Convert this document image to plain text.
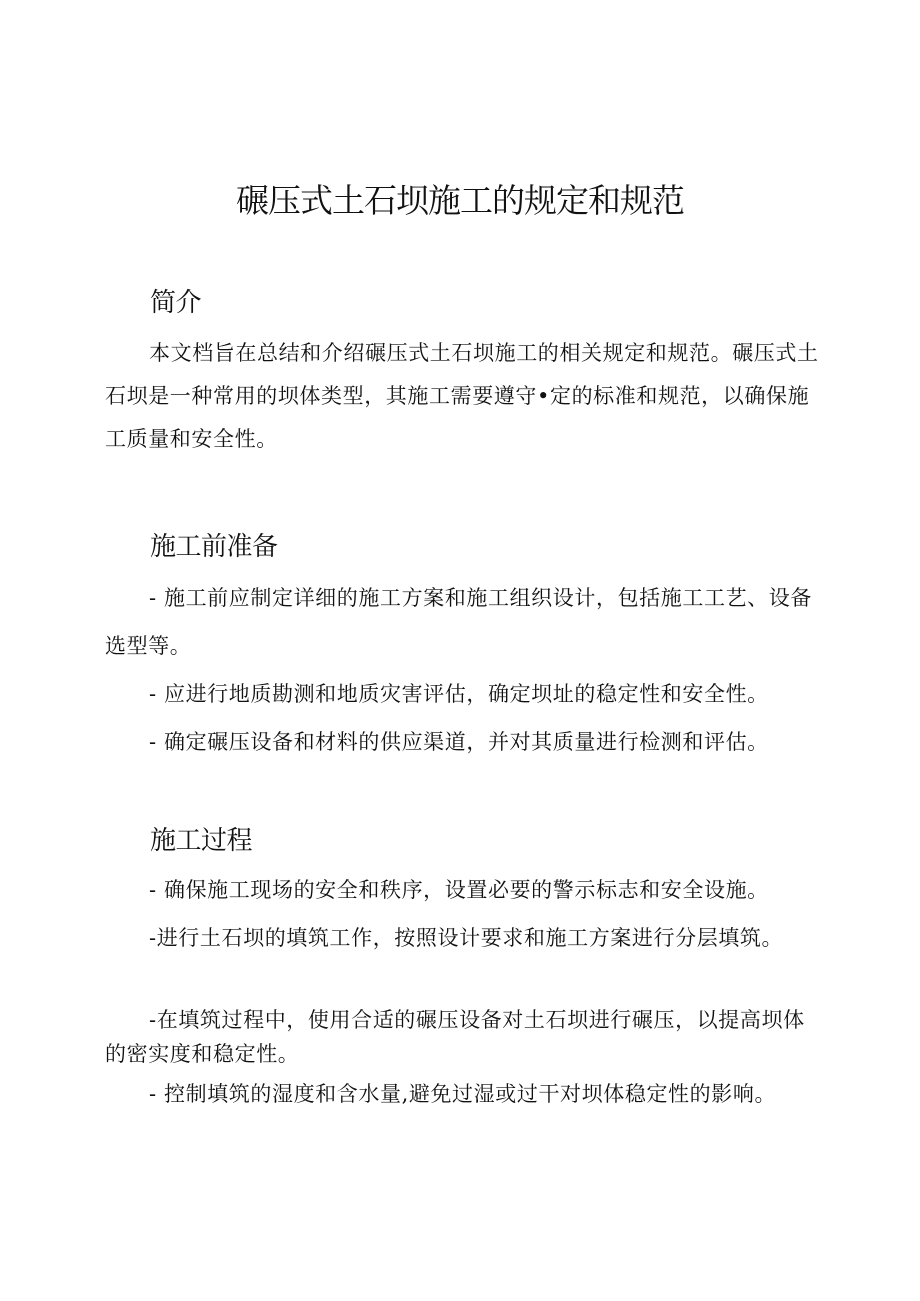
碾压式土石坝施工的规定和规范
简介

本文档旨在总结和介绍碾压式土石坝施工的相关规定和规范。碾压式土石坝是一种常用的坝体类型，其施工需要遵守•定的标准和规范，以确保施工质量和安全性。

施工前准备

- 施工前应制定详细的施工方案和施工组织设计，包括施工工艺、设备选型等。

- 应进行地质勘测和地质灾害评估，确定坝址的稳定性和安全性。

- 确定碾压设备和材料的供应渠道，并对其质量进行检测和评估。

施工过程

- 确保施工现场的安全和秩序，设置必要的警示标志和安全设施。

-进行土石坝的填筑工作，按照设计要求和施工方案进行分层填筑。

-在填筑过程中，使用合适的碾压设备对土石坝进行碾压，以提高坝体的密实度和稳定性。

- 控制填筑的湿度和含水量,避免过湿或过干对坝体稳定性的影响。
